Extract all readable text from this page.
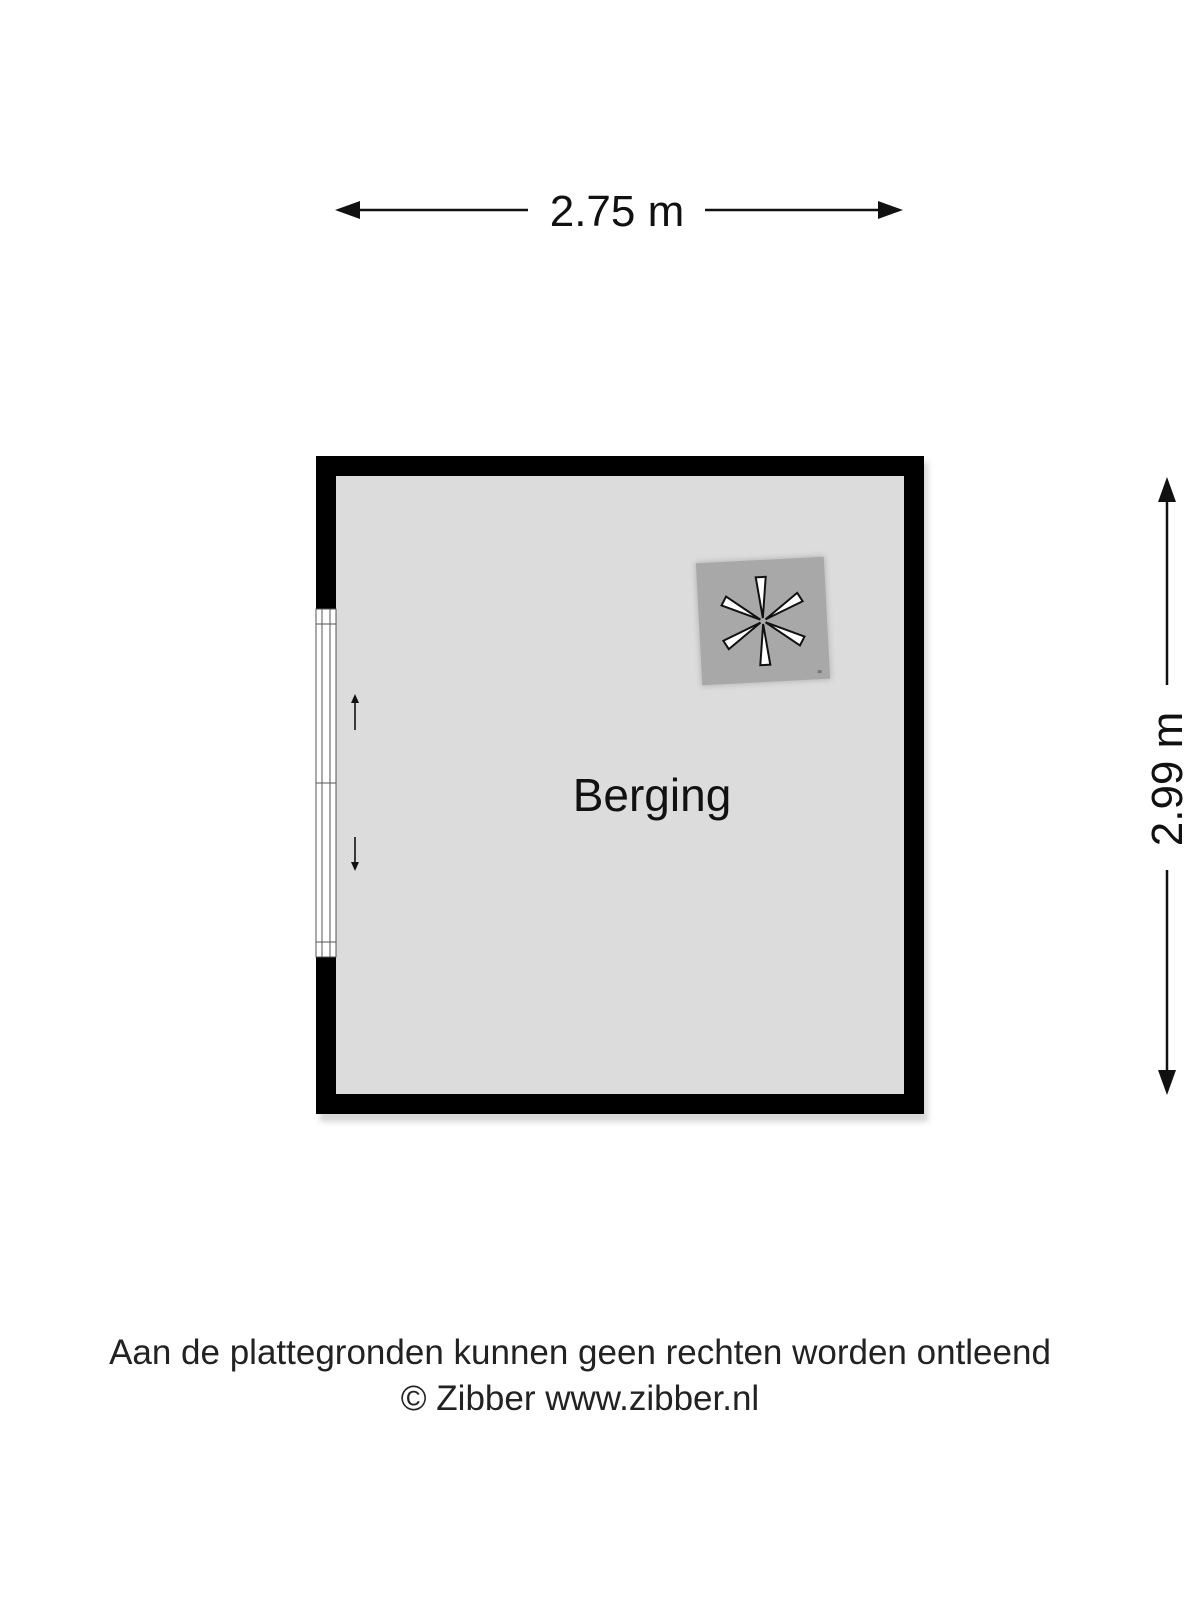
2.75 m
2.99 m
Berging
Aan de plattegronden kunnen geen rechten worden ontleend
© Zibber www.zibber.nl
